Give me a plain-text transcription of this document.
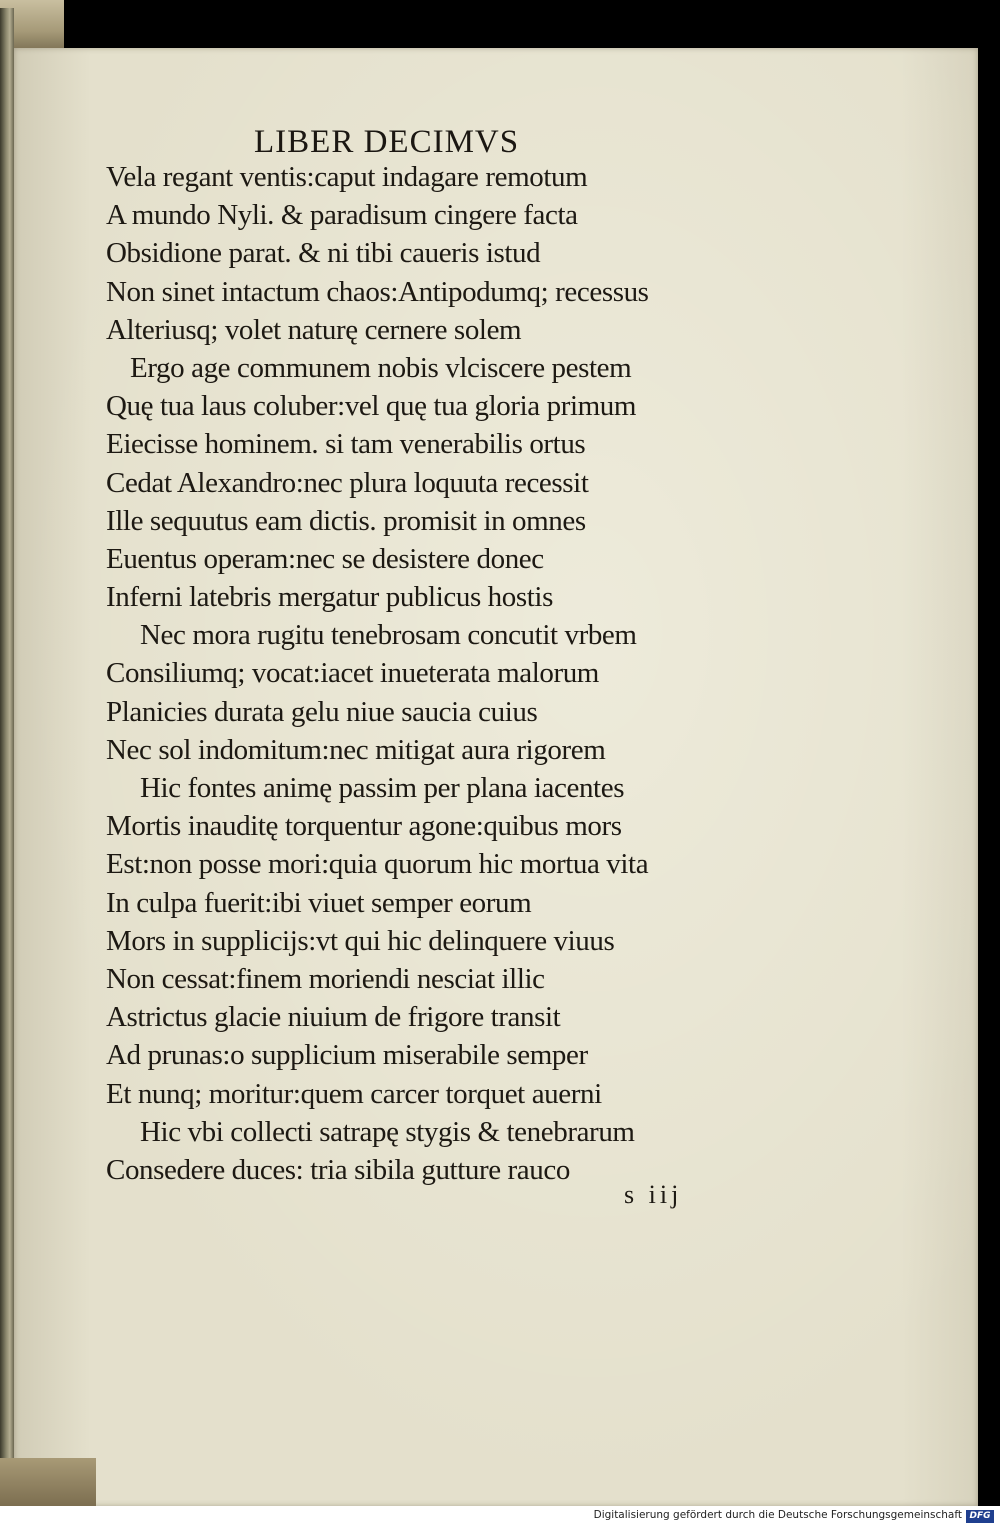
LIBER DECIMVS
Vela regant ventis:caput indagare remotum
A mundo Nyli. & paradisum cingere facta
Obsidione parat. & ni tibi caueris istud
Non sinet intactum chaos:Antipodumq; recessus
Alteriusq; volet naturę cernere solem
Ergo age communem nobis vlciscere pestem
Quę tua laus coluber:vel quę tua gloria primum
Eiecisse hominem. si tam venerabilis ortus
Cedat Alexandro:nec plura loquuta recessit
Ille sequutus eam dictis. promisit in omnes
Euentus operam:nec se desistere donec
Inferni latebris mergatur publicus hostis
Nec mora rugitu tenebrosam concutit vrbem
Consiliumq; vocat:iacet inueterata malorum
Planicies durata gelu niue saucia cuius
Nec sol indomitum:nec mitigat aura rigorem
Hic fontes animę passim per plana iacentes
Mortis inauditę torquentur agone:quibus mors
Est:non posse mori:quia quorum hic mortua vita
In culpa fuerit:ibi viuet semper eorum
Mors in supplicijs:vt qui hic delinquere viuus
Non cessat:finem moriendi nesciat illic
Astrictus glacie niuium de frigore transit
Ad prunas:o supplicium miserabile semper
Et nunq; moritur:quem carcer torquet auerni
Hic vbi collecti satrapę stygis & tenebrarum
Consedere duces: tria sibila gutture rauco
s iij
Digitalisierung gefördert durch die Deutsche Forschungsgemeinschaft DFG
